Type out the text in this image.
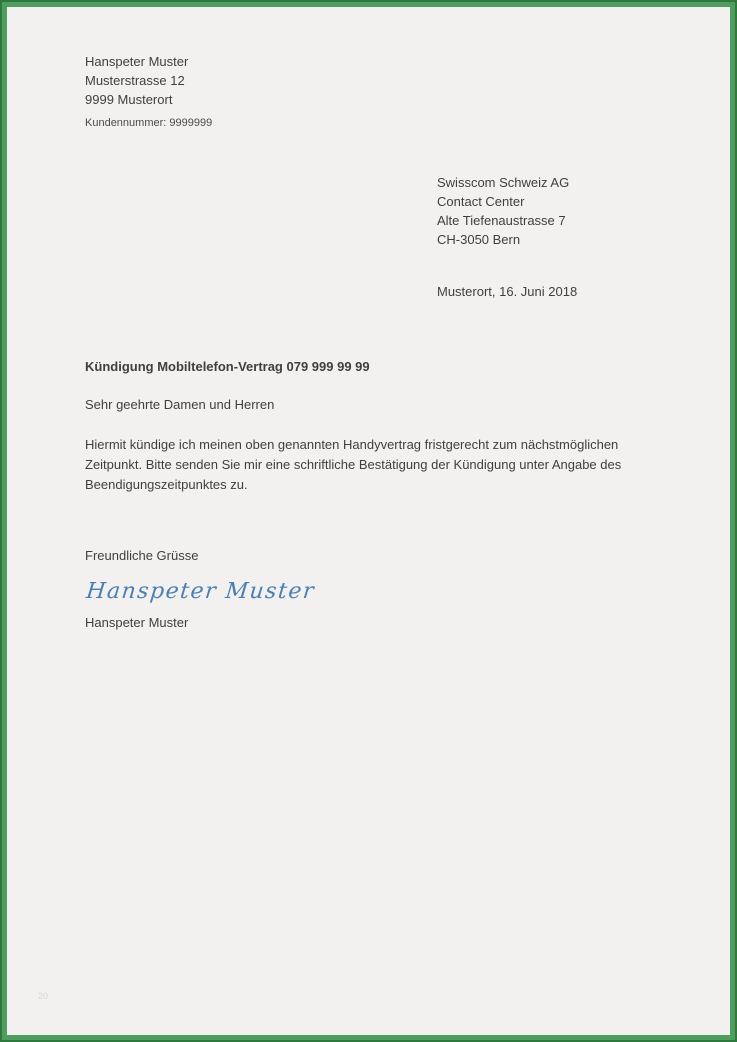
Hanspeter Muster
Musterstrasse 12
9999 Musterort
Kundennummer: 9999999
Swisscom Schweiz AG
Contact Center
Alte Tiefenaustrasse 7
CH-3050 Bern
Musterort, 16. Juni 2018
Kündigung Mobiltelefon-Vertrag 079 999 99 99
Sehr geehrte Damen und Herren
Hiermit kündige ich meinen oben genannten Handyvertrag fristgerecht zum nächstmöglichen Zeitpunkt. Bitte senden Sie mir eine schriftliche Bestätigung der Kündigung unter Angabe des Beendigungszeitpunktes zu.
Freundliche Grüsse
Hanspeter Muster
Hanspeter Muster
20
